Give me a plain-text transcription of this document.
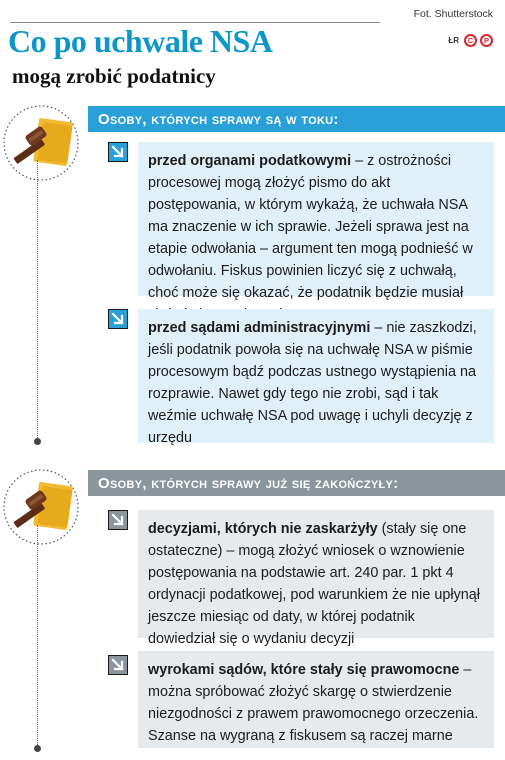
Fot. Shutterstock
ŁR	C	P
Co po uchwale NSA
mogą zrobić podatnicy
Osoby, których sprawy są w toku:
przed organami podatkowymi – z ostrożności procesowej mogą złożyć pismo do akt postępowania, w którym wykażą, że uchwała NSA ma znaczenie w ich sprawie. Jeżeli sprawa jest na etapie odwołania – argument ten mogą podnieść w odwołaniu. Fiskus powinien liczyć się z uchwałą, choć może się okazać, że podatnik będzie musiał
przed sądami administracyjnymi – nie zaszkodzi, jeśli podatnik powoła się na uchwałę NSA w piśmie procesowym bądź podczas ustnego wystąpienia na rozprawie. Nawet gdy tego nie zrobi, sąd i tak weźmie uchwałę NSA pod uwagę i uchyli decyzję z urzędu
Osoby, których sprawy już się zakończyły:
decyzjami, których nie zaskarżyły (stały się one ostateczne) – mogą złożyć wniosek o wznowienie postępowania na podstawie art. 240 par. 1 pkt 4 ordynacji podatkowej, pod warunkiem że nie upłynął jeszcze miesiąc od daty, w której podatnik dowiedział się o wydaniu decyzji
wyrokami sądów, które stały się prawomocne – można spróbować złożyć skargę o stwierdzenie niezgodności z prawem prawomocnego orzeczenia. Szanse na wygraną z fiskusem są raczej marne
